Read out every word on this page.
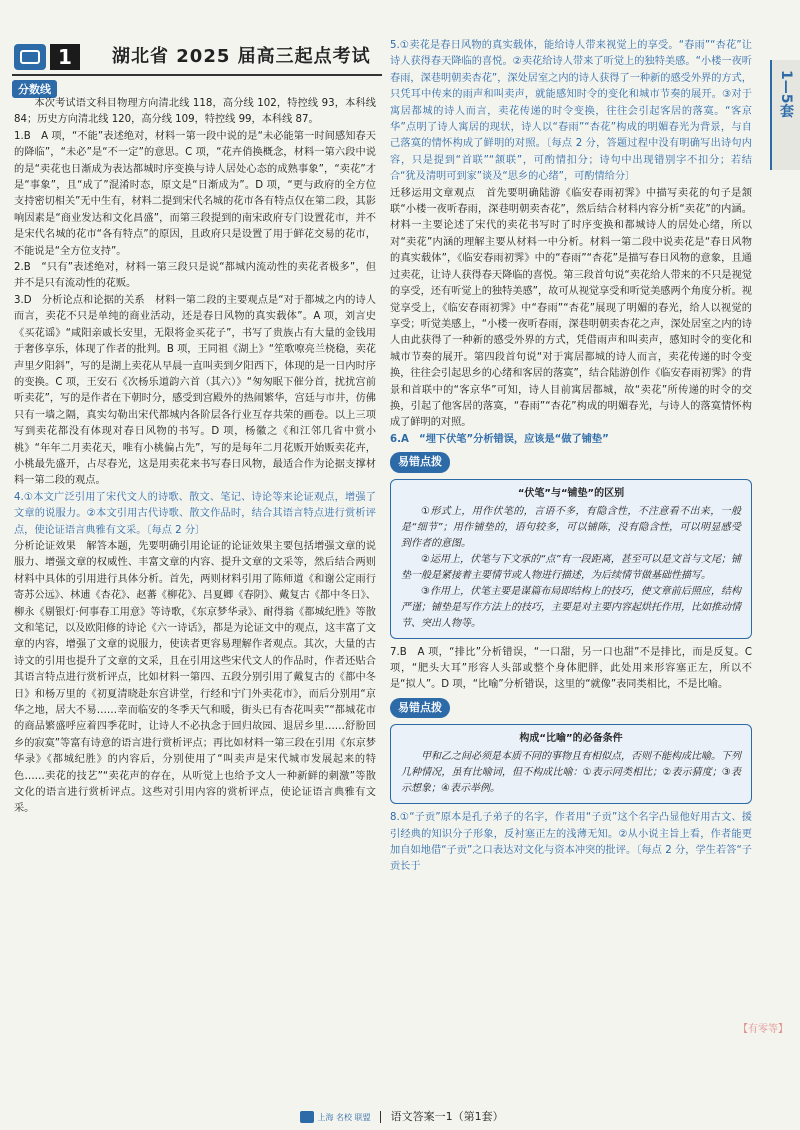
1	湖北省 2025 届高三起点考试
分数线	1—5套

本次考试语文科目物理方向清北线 118，高分线 102，特控线 93，本科线 84；历史方向清北线 120，高分线 109，特控线 99，本科线 87。

1.B　A 项，“不能”表述绝对，材料一第一段中说的是“未必能第一时间感知春天的降临”，“未必”是“不一定”的意思。C 项，“花卉俏换概念，材料一第六段中说的是“卖花也日渐成为表达都城时序变换与诗人居处心态的成熟事象”，“卖花”才是“事象”，且“成了”混淆时态，原文是“日渐成为”。D 项，“更与政府的全方位支持密切相关”无中生有，材料二提到宋代名城的花市各有特点仅在第二段，其影响因素是“商业发达和文化昌盛”，而第三段提到的南宋政府专门设置花市，并不是宋代名城的花市“各有特点”的原因，且政府只是设置了用于鲜花交易的花市，不能说是“全方位支持”。

2.B　“只有”表述绝对，材料一第三段只是说“都城内流动性的卖花者极多”，但并不是只有流动性的花贩。

3.D　分析论点和论据的关系　材料一第二段的主要观点是“对于都城之内的诗人而言，卖花不只是单纯的商业活动，还是春日风物的真实载体”。A 项，刘言史《买花谣》“咸阳亲戚长安里，无限将金买花子”，书写了贵族占有大量的金钱用于奢侈享乐，体现了作者的批判。B 项，王同祖《湖上》“笙歌嘹亮兰桡稳，卖花声里夕阳斜”，写的是湖上卖花从早晨一直叫卖到夕阳西下，体现的是一日内时序的变换。C 项，王安石《次杨乐道韵六首（其六）》“匆匆眠下催分首，扰扰宫前听卖花”，写的是作者在下朝时分，感受到宫殿外的热闹繁华，宫廷与市井，仿佛只有一墙之隔，真实勾勒出宋代都城内各阶层各行业互存共荣的画卷。以上三项写到卖花都没有体现对春日风物的书写。D 项，杨徽之《和江邻几省中赏小桃》“年年二月卖花天，唯有小桃偏占先”，写的是每年二月花贩开始贩卖花卉，小桃最先盛开，占尽春光，这是用卖花来书写春日风物，最适合作为论据支撑材料一第二段的观点。

4.①本文广泛引用了宋代文人的诗歌、散文、笔记、诗论等来论证观点，增强了文章的说服力。②本文引用古代诗歌、散文作品时，结合其语言特点进行赏析评点，使论证语言典雅有文采。〔每点 2 分〕

分析论证效果　解答本题，先要明确引用论证的论证效果主要包括增强文章的说服力、增强文章的权威性、丰富文章的内容、提升文章的文采等，然后结合两则材料中具体的引用进行具体分析。首先，两则材料引用了陈师道《和谢公定雨行寄苏公远》、林逋《杏花》、赵蕃《柳花》、吕夏卿《春阴》、戴复古《都中冬日》、柳永《剔银灯·何事春工用意》等诗歌，《东京梦华录》、耐得翁《都城纪胜》等散文和笔记，以及欧阳修的诗论《六一诗话》，都是为论证文中的观点，这丰富了文章的内容，增强了文章的说服力，使读者更容易理解作者观点。其次，大量的古诗文的引用也提升了文章的文采，且在引用这些宋代文人的作品时，作者还贴合其语言特点进行赏析评点，比如材料一第四、五段分别引用了戴复古的《都中冬日》和杨万里的《初夏清晓赴东宫讲堂，行经和宁门外卖花市》，而后分别用“京华之地，居大不易……幸而临安的冬季天气和暖，街头已有杏花叫卖”“都城花市的商品繁盛呼应着四季花时，让诗人不必执念于回归故园、退居乡里……舒朌回乡的寂寞”等富有诗意的语言进行赏析评点；再比如材料一第三段在引用《东京梦华录》《都城纪胜》的内容后，分别使用了“叫卖声是宋代城市发展起来的特色……卖花的技艺”“卖花声的存在，从听觉上也给予文人一种新鲜的刺激”等散文化的语言进行赏析评点。这些对引用内容的赏析评点，使论证语言典雅有文采。

5.①卖花是春日风物的真实载体，能给诗人带来视觉上的享受。“春雨”“杏花”让诗人获得春天降临的喜悦。②卖花给诗人带来了听觉上的独特美感。“小楼一夜听春雨，深巷明朝卖杏花”，深处居室之内的诗人获得了一种新的感受外界的方式，只凭耳中传来的雨声和叫卖声，就能感知时令的变化和城市节奏的展开。③对于寓居都城的诗人而言，卖花传递的时令变换，往往会引起客居的落寞。“客京华”点明了诗人寓居的现状，诗人以“春雨”“杏花”构成的明媚春光为背景，与自己落寞的情怀构成了鲜明的对照。〔每点 2 分，答题过程中没有明确写出诗句内容，只是提到“首联”“颔联”，可酌情扣分；诗句中出现错别字不扣分；若结合“犹及清明可到家”谈及“思乡的心绪”，可酌情给分〕

迁移运用文章观点　首先要明确陆游《临安春雨初霁》中描写卖花的句子是颔联“小楼一夜听春雨，深巷明朝卖杏花”，然后结合材料内容分析“卖花”的内涵。材料一主要论述了宋代的卖花书写时了时序变换和都城诗人的居处心绪，所以对“卖花”内涵的理解主要从材料一中分析。材料一第二段中说卖花是“春日风物的真实载体”，《临安春雨初霁》中的“春雨”“杏花”是描写春日风物的意象，且通过卖花，让诗人获得春天降临的喜悦。第三段首句说“卖花给人带来的不只是视觉的享受，还有听觉上的独特美感”，故可从视觉享受和听觉美感两个角度分析。视觉享受上，《临安春雨初霁》中“春雨”“杏花”展现了明媚的春光，给人以视觉的享受；听觉美感上，“小楼一夜听春雨，深巷明朝卖杏花之声，深处居室之内的诗人由此获得了一种新的感受外界的方式，凭借雨声和叫卖声，感知时令的变化和城市节奏的展开。第四段首句说“对于寓居都城的诗人而言，卖花传递的时令变换，往往会引起思乡的心绪和客居的落寞”，结合陆游创作《临安春雨初霁》的背景和首联中的“客京华”可知，诗人目前寓居都城，故“卖花”所传递的时令的交换，引起了他客居的落寞，“春雨”“杏花”构成的明媚春光，与诗人的落寞情怀构成了鲜明的对照。

6.A　“埋下伏笔”分析错误，应该是“做了铺垫”

易错点拨
“伏笔”与“铺垫”的区别

①形式上，用作伏笔的，言语不多，有隐含性，不注意看不出来，一般是“细节”；用作铺垫的，语句较多，可以铺陈，没有隐含性，可以明显感受到作者的意图。

②运用上，伏笔与下文承的“点”有一段距离，甚至可以是文首与文尾；铺垫一般是紧接着主要情节或人物进行描述，为后续情节做基础性描写。

③作用上，伏笔主要是谋篇布局即结构上的技巧，使文章前后照应，结构严谨；铺垫是写作方法上的技巧，主要是对主要内容起烘托作用，比如推动情节、突出人物等。

7.B　A 项，“排比”分析错误，“一口甜，另一口也甜”不是排比，而是反复。C 项，“肥头大耳”形容人头部或整个身体肥胖，此处用来形容塞正左，所以不是“拟人”。D 项，“比喻”分析错误，这里的“就像”表同类相比，不是比喻。

易错点拨
构成“比喻”的必备条件

甲和乙之间必须是本质不同的事物且有相似点，否则不能构成比喻。下列几种情况，虽有比喻词，但不构成比喻：①表示同类相比；②表示猜度；③表示想象；④表示举例。

8.①“子贡”原本是孔子弟子的名字，作者用“子贡”这个名字凸显他好用古文、援引经典的知识分子形象，反衬塞正左的浅薄无知。②从小说主旨上看，作者能更加自如地借“子贡”之口表达对文化与资本冲突的批评。〔每点 2 分，学生若答“子贡长于

【有零等】
上海 名校 联盟 语文答案一1（第1套）
